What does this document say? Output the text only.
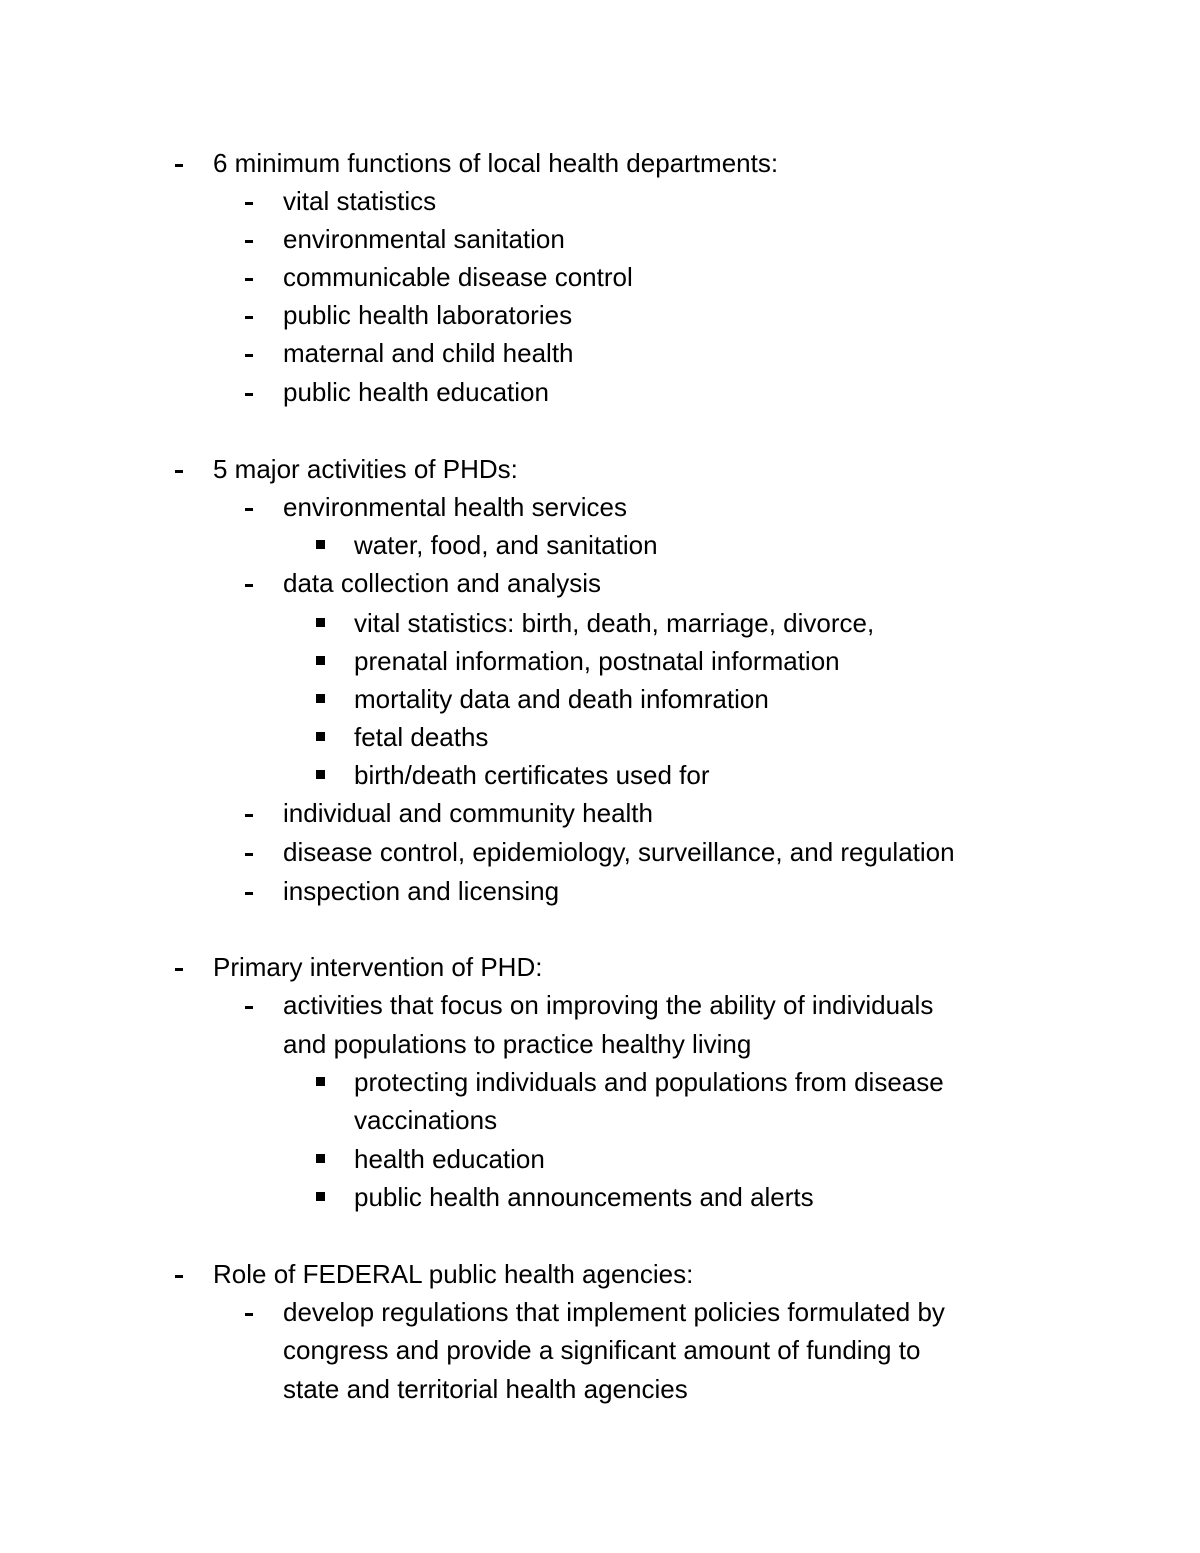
6 minimum functions of local health departments:
vital statistics
environmental sanitation
communicable disease control
public health laboratories
maternal and child health
public health education
5 major activities of PHDs:
environmental health services
water, food, and sanitation
data collection and analysis
vital statistics: birth, death, marriage, divorce,
prenatal information, postnatal information
mortality data and death infomration
fetal deaths
birth/death certificates used for
individual and community health
disease control, epidemiology, surveillance, and regulation
inspection and licensing
Primary intervention of PHD:
activities that focus on improving the ability of individuals
and populations to practice healthy living
protecting individuals and populations from disease
vaccinations
health education
public health announcements and alerts
Role of FEDERAL public health agencies:
develop regulations that implement policies formulated by
congress and provide a significant amount of funding to
state and territorial health agencies
